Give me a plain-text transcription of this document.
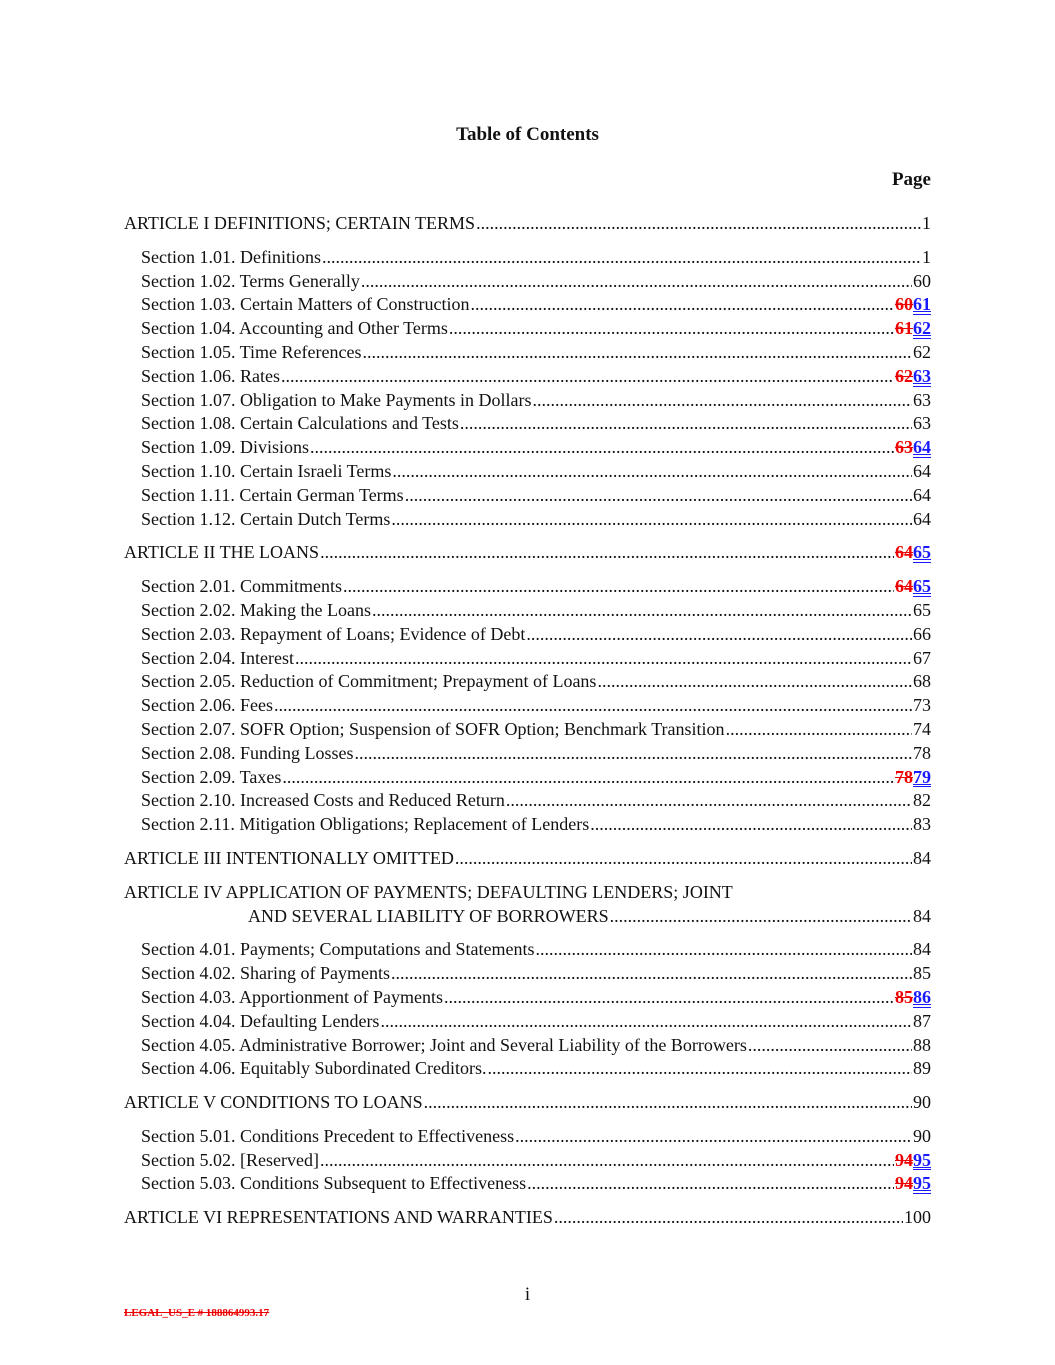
Table of Contents
Page
ARTICLE I DEFINITIONS; CERTAIN TERMS .....	1
Section 1.01. Definitions .....	1
Section 1.02. Terms Generally .....	60
Section 1.03. Certain Matters of Construction .....	6061
Section 1.04. Accounting and Other Terms .....	6162
Section 1.05. Time References .....	62
Section 1.06. Rates .....	6263
Section 1.07. Obligation to Make Payments in Dollars .....	63
Section 1.08. Certain Calculations and Tests .....	63
Section 1.09. Divisions .....	6364
Section 1.10. Certain Israeli Terms .....	64
Section 1.11. Certain German Terms .....	64
Section 1.12. Certain Dutch Terms .....	64
ARTICLE II THE LOANS .....	6465
Section 2.01. Commitments .....	6465
Section 2.02. Making the Loans .....	65
Section 2.03. Repayment of Loans; Evidence of Debt .....	66
Section 2.04. Interest .....	67
Section 2.05. Reduction of Commitment; Prepayment of Loans .....	68
Section 2.06. Fees .....	73
Section 2.07. SOFR Option; Suspension of SOFR Option; Benchmark Transition .....	74
Section 2.08. Funding Losses .....	78
Section 2.09. Taxes .....	7879
Section 2.10. Increased Costs and Reduced Return .....	82
Section 2.11. Mitigation Obligations; Replacement of Lenders .....	83
ARTICLE III INTENTIONALLY OMITTED .....	84
ARTICLE IV APPLICATION OF PAYMENTS; DEFAULTING LENDERS; JOINT
AND SEVERAL LIABILITY OF BORROWERS .....	84
Section 4.01. Payments; Computations and Statements .....	84
Section 4.02. Sharing of Payments .....	85
Section 4.03. Apportionment of Payments .....	8586
Section 4.04. Defaulting Lenders .....	87
Section 4.05. Administrative Borrower; Joint and Several Liability of the Borrowers .....	88
Section 4.06. Equitably Subordinated Creditors. .....	89
ARTICLE V CONDITIONS TO LOANS .....	90
Section 5.01. Conditions Precedent to Effectiveness .....	90
Section 5.02. [Reserved] .....	9495
Section 5.03. Conditions Subsequent to Effectiveness .....	9495
ARTICLE VI REPRESENTATIONS AND WARRANTIES .....	100
i
LEGAL_US_E # 188864993.17
